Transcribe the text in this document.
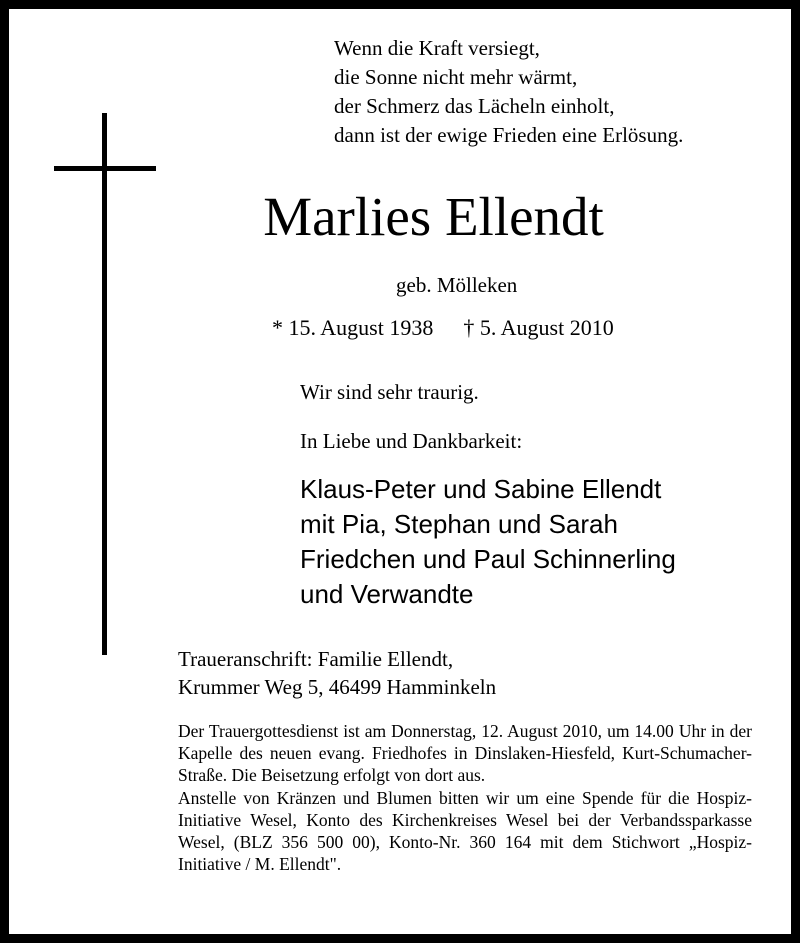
Wenn die Kraft versiegt,
die Sonne nicht mehr wärmt,
der Schmerz das Lächeln einholt,
dann ist der ewige Frieden eine Erlösung.
Marlies Ellendt
geb. Mölleken
* 15. August 1938 † 5. August 2010
Wir sind sehr traurig.
In Liebe und Dankbarkeit:
Klaus-Peter und Sabine Ellendt
mit Pia, Stephan und Sarah
Friedchen und Paul Schinnerling
und Verwandte
Traueranschrift: Familie Ellendt,
Krummer Weg 5, 46499 Hamminkeln

Der Trauergottesdienst ist am Donnerstag, 12. August 2010, um 14.00 Uhr in der Kapelle des neuen evang. Friedhofes in Dinslaken-Hiesfeld, Kurt-Schumacher-Straße. Die Beisetzung erfolgt von dort aus.

Anstelle von Kränzen und Blumen bitten wir um eine Spende für die Hospiz-Initiative Wesel, Konto des Kirchenkreises Wesel bei der Verbandssparkasse Wesel, (BLZ 356 500 00), Konto-Nr. 360 164 mit dem Stichwort „Hospiz-Initiative / M. Ellendt".
